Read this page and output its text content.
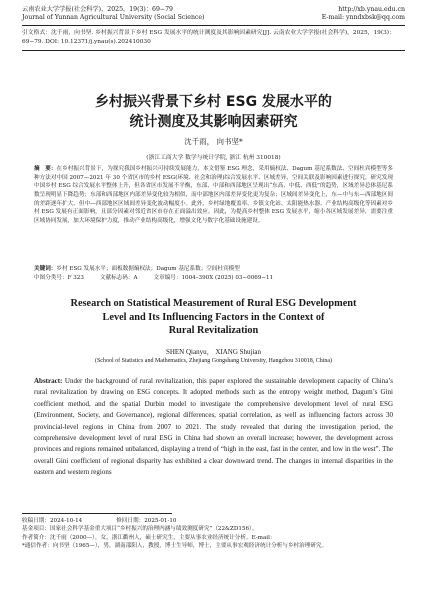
云南农业大学学报(社会科学)，2025，19(3)：69−79	http://xb.ynau.edu.cn
Journal of Yunnan Agricultural University (Social Science)	E-mail: ynndxbsk@qq.com
引文格式：沈千雨，向书坚. 乡村振兴背景下乡村 ESG 发展水平的统计测度及其影响因素研究[J]. 云南农业大学学报(社会科学)，2025，19(3)：69−79. DOI: 10.12371/j.ynau(s).202410030
乡村振兴背景下乡村 ESG 发展水平的
统计测度及其影响因素研究
沈千雨， 向书坚*
(浙江工商大学 数学与统计学院, 浙江 杭州 310018)
摘　要：在乡村振兴背景下，为探究我国乡村振兴可持续发展能力，本文借鉴 ESG 理念，采用熵权法、Dagum 基尼系数法、空间杜宾模型等多种方法对中国 2007—2021 年 30 个省区市的乡村 ESG(环境、社会和治理)综合发展水平、区域差异、空间关联及影响因素进行探究。研究发现中国乡村 ESG 综合发展水平整体上升，但各省区市发展不平衡，东部、中部和西部地区呈现出“东高、中低、西低”的趋势，区域差异总体基尼系数呈现明显下降趋势；东部和西部地区内部差异变化较为相似，而中部地区内部差异变化更为复杂；区域间差异变化上，东—中与东—西部地区间的差距逐年扩大，但中—西部地区区域间差异变化波动幅度小。此外，乡村绿地覆盖率、乡镇文化站、太阳能热水器、产业结构高级化等因素对乡村 ESG 发展有正面影响，且部分因素对邻近省区市存在正面溢出效应。因此，为提高乡村整体 ESG 发展水平，缩小各区域发展差异，需要注重区域协同发展，加大环境保护力度，推动产业结构高级化，增强文化与数字化基础设施建设。
关键词：乡村 ESG 发展水平；面板数据熵权法；Dagum 基尼系数；空间杜宾模型
中图分类号：F 323	文献标志码：A	文章编号：1004–390X (2025) 03−0069−11
Research on Statistical Measurement of Rural ESG Development
Level and Its Influencing Factors in the Context of
Rural Revitalization
SHEN Qianyu， XIANG Shujian
(School of Statistics and Mathematics, Zhejiang Gongshang University, Hangzhou 310018, China)
Abstract: Under the background of rural revitalization, this paper explored the sustainable development capacity of China’s rural revitalization by drawing on ESG concepts. It adopted methods such as the entropy weight method, Dagum’s Gini coefficient method, and the spatial Durbin model to investigate the comprehensive development level of rural ESG (Environment, Society, and Governance), regional differences, spatial correlation, as well as influencing factors across 30 provincial-level regions in China from 2007 to 2021. The study revealed that during the investigation period, the comprehensive development level of rural ESG in China had shown an overall increase; however, the development across provinces and regions remained unbalanced, displaying a trend of “high in the east, fast in the center, and low in the west”. The overall Gini coefficient of regional disparity has exhibited a clear downward trend. The changes in internal disparities in the eastern and western regions
收稿日期：2024-10-14	修回日期：2025-01-10
基金项目：国家社会科学基金重大项目“乡村振兴的治理内涵与绩效测度研究”（22&ZD156）。
作者简介：沈千雨（2000—），女，浙江衢州人，硕士研究生，主要从事农业经济统计分析。E-mail：
*通信作者：向书坚（1965—），男，湖南邵阳人，教授，博士生导师，博士，主要从事宏观经济统计分析与乡村治理研究。
